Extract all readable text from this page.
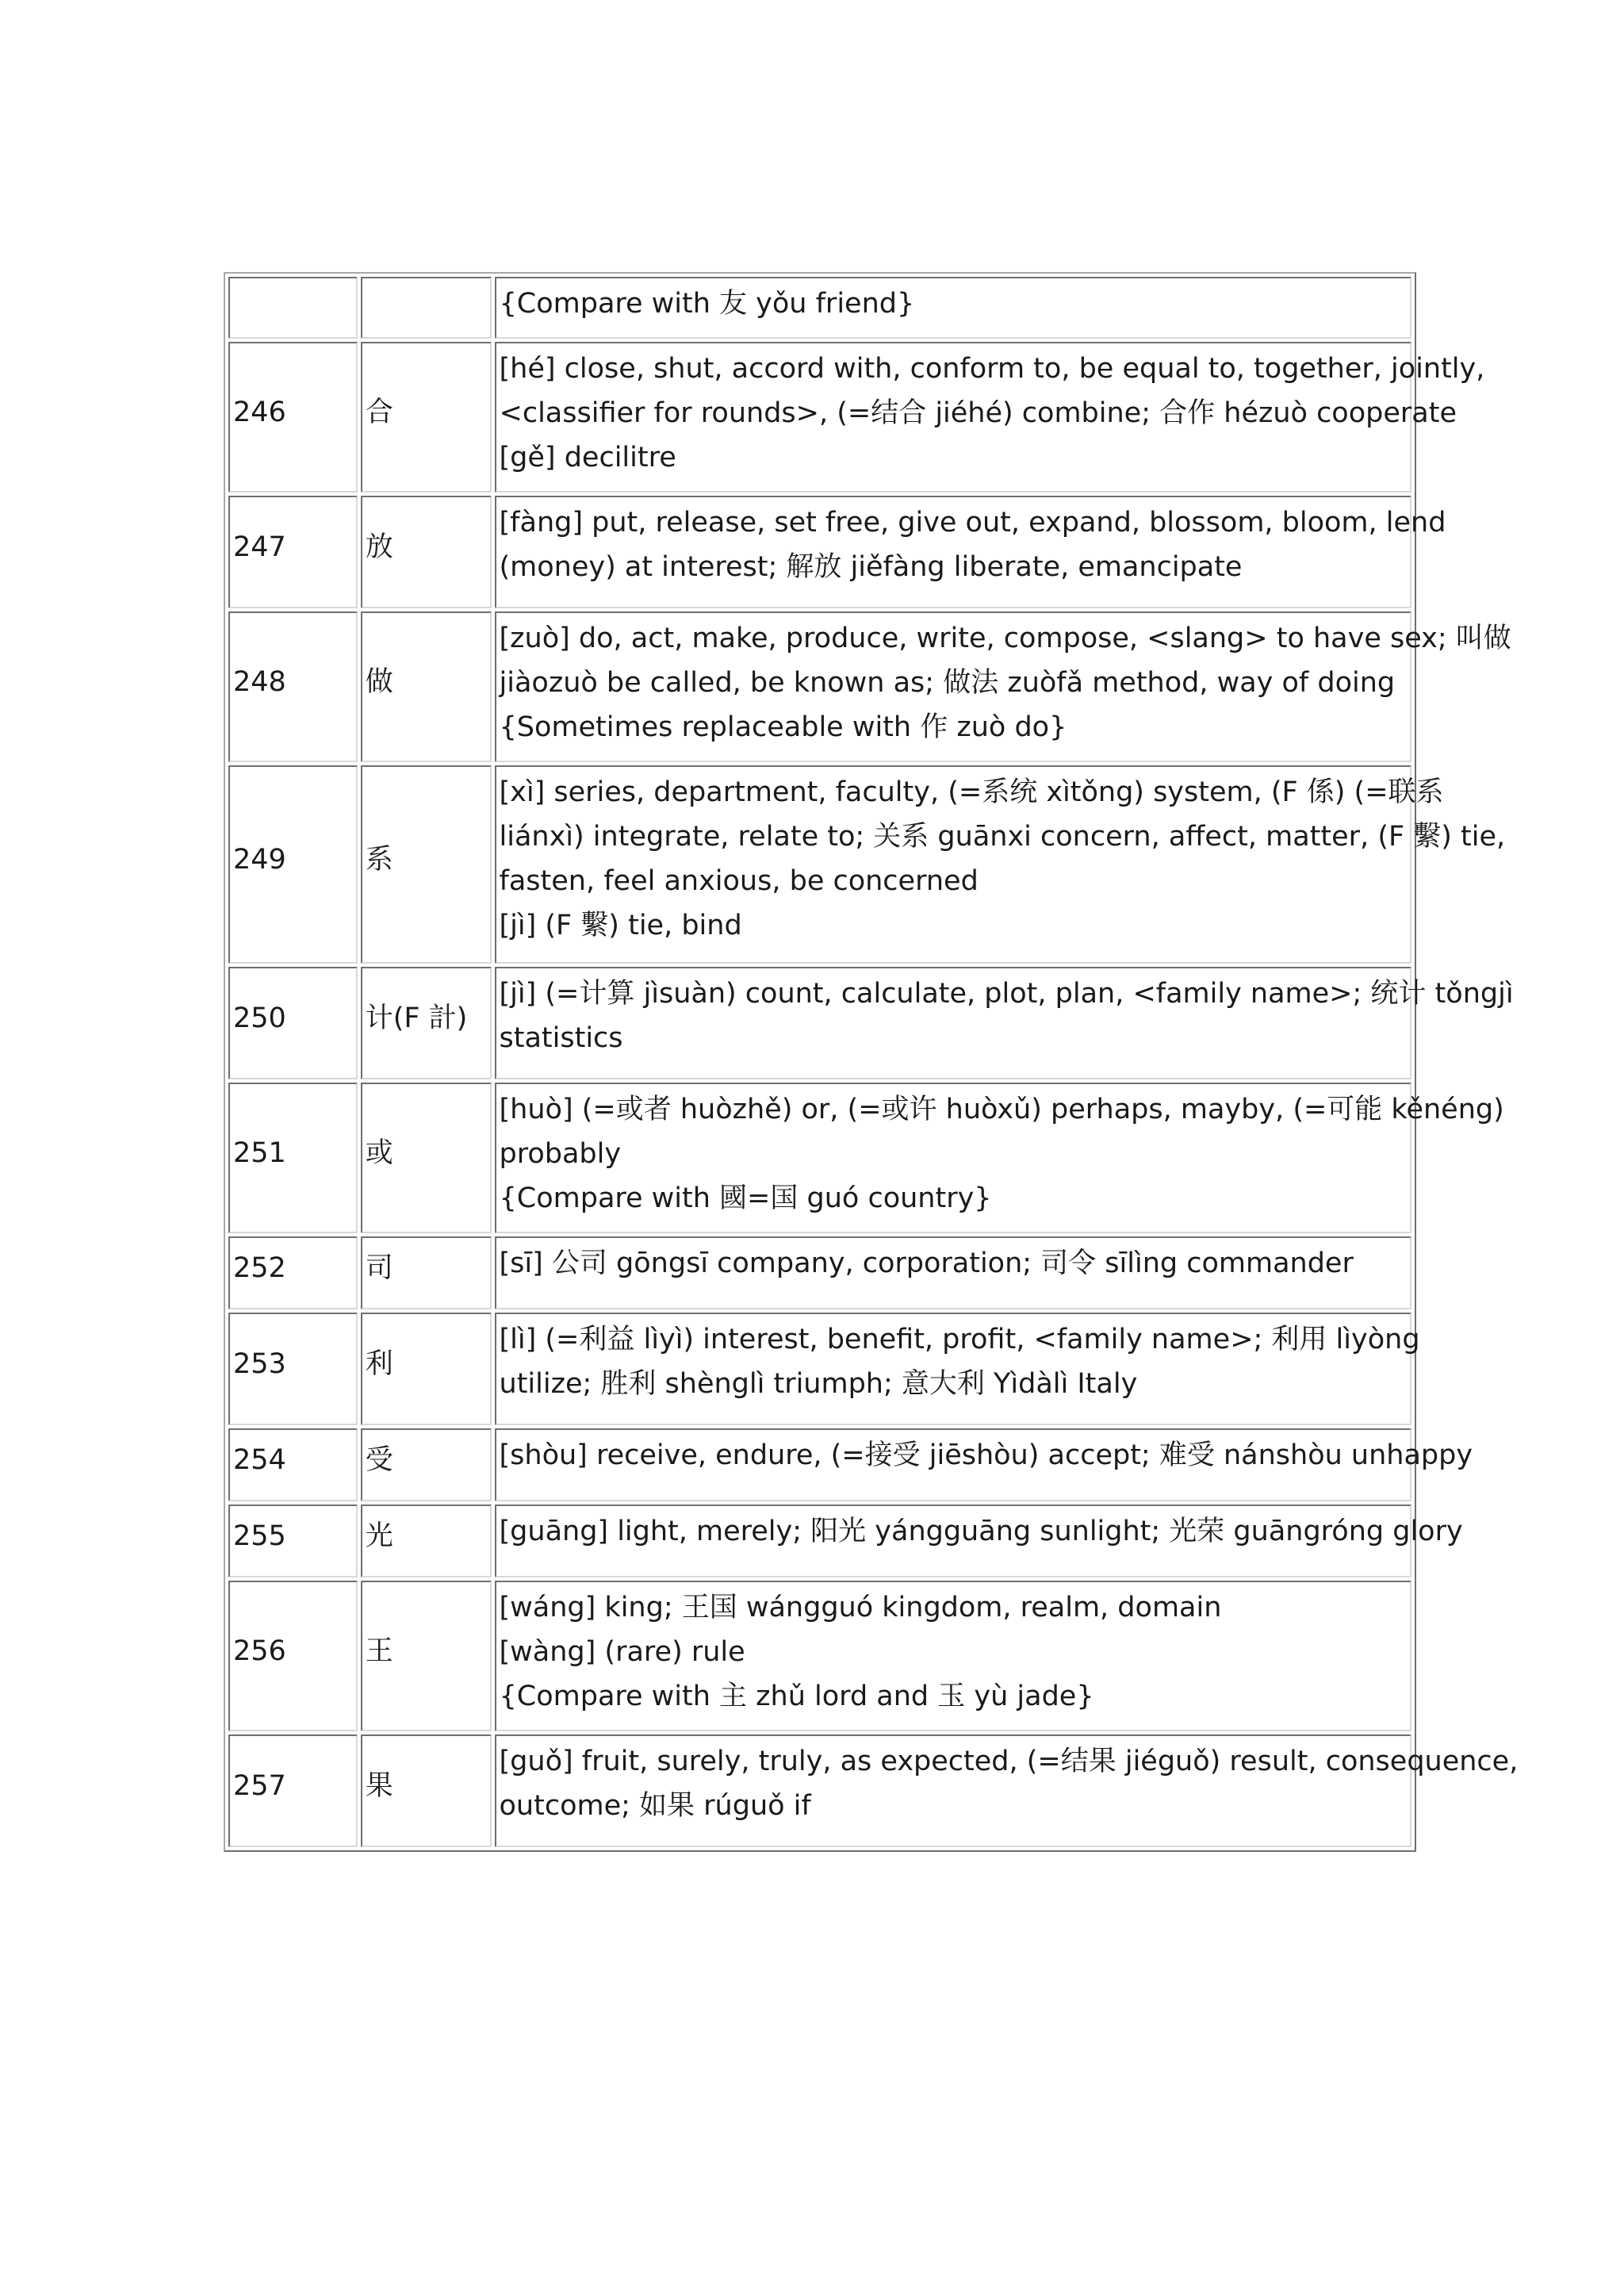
		{Compare with 友 yǒu friend}

246	合	[hé] close, shut, accord with, conform to, be equal to, together, jointly,
<classifier for rounds>, (=结合 jiéhé) combine; 合作 hézuò cooperate
[gě] decilitre

247	放	[fàng] put, release, set free, give out, expand, blossom, bloom, lend
(money) at interest; 解放 jiěfàng liberate, emancipate

248	做	[zuò] do, act, make, produce, write, compose, <slang> to have sex; 叫做
jiàozuò be called, be known as; 做法 zuòfǎ method, way of doing
{Sometimes replaceable with 作 zuò do}

249	系	[xì] series, department, faculty, (=系统 xìtǒng) system, (F 係) (=联系
liánxì) integrate, relate to; 关系 guānxi concern, affect, matter, (F 繫) tie,
fasten, feel anxious, be concerned
[jì] (F 繫) tie, bind

250	计(F 計)	[jì] (=计算 jìsuàn) count, calculate, plot, plan, <family name>; 统计 tǒngjì
statistics

251	或	[huò] (=或者 huòzhě) or, (=或许 huòxǔ) perhaps, mayby, (=可能 kěnéng)
probably
{Compare with 國=国 guó country}

252	司	[sī] 公司 gōngsī company, corporation; 司令 sīlìng commander

253	利	[lì] (=利益 lìyì) interest, benefit, profit, <family name>; 利用 lìyòng
utilize; 胜利 shènglì triumph; 意大利 Yìdàlì Italy

254	受	[shòu] receive, endure, (=接受 jiēshòu) accept; 难受 nánshòu unhappy

255	光	[guāng] light, merely; 阳光 yángguāng sunlight; 光荣 guāngróng glory

256	王	[wáng] king; 王国 wángguó kingdom, realm, domain
[wàng] (rare) rule
{Compare with 主 zhǔ lord and 玉 yù jade}

257	果	[guǒ] fruit, surely, truly, as expected, (=结果 jiéguǒ) result, consequence,
outcome; 如果 rúguǒ if
